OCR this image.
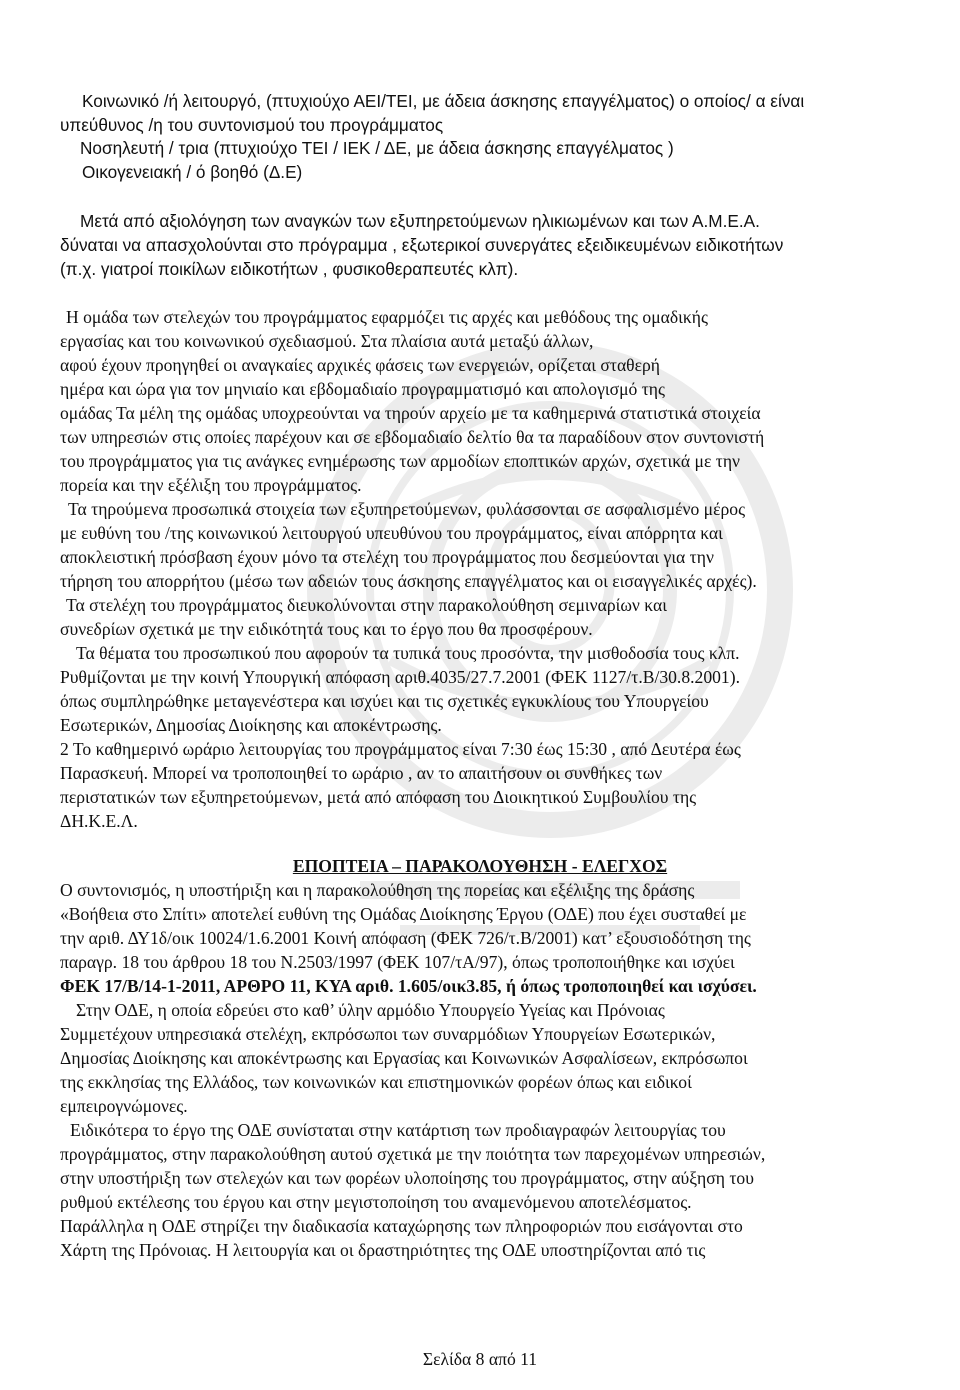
Κοινωνικό /ή λειτουργό, (πτυχιούχο ΑΕΙ/ΤΕΙ, με άδεια άσκησης επαγγέλματος) ο οποίος/ α είναι

υπεύθυνος /η του συντονισμού του προγράμματος

Νοσηλευτή / τρια (πτυχιούχο ΤΕΙ / ΙΕΚ / ΔΕ, με άδεια άσκησης επαγγέλματος )

Οικογενειακή / ό βοηθό (Δ.Ε)

Μετά από αξιολόγηση των αναγκών των εξυπηρετούμενων ηλικιωμένων και των Α.Μ.Ε.Α.

δύναται να απασχολούνται στο πρόγραμμα , εξωτερικοί συνεργάτες εξειδικευμένων ειδικοτήτων

(π.χ. γιατροί ποικίλων ειδικοτήτων , φυσικοθεραπευτές κλπ).

Η ομάδα των στελεχών του προγράμματος εφαρμόζει τις αρχές και μεθόδους της ομαδικής

εργασίας και του κοινωνικού σχεδιασμού. Στα πλαίσια αυτά μεταξύ άλλων,

αφού έχουν προηγηθεί οι αναγκαίες αρχικές φάσεις των ενεργειών, ορίζεται σταθερή

ημέρα και ώρα για τον μηνιαίο και εβδομαδιαίο προγραμματισμό και απολογισμό της

ομάδας Τα μέλη της ομάδας υποχρεούνται να τηρούν αρχείο με τα καθημερινά στατιστικά στοιχεία

των υπηρεσιών στις οποίες παρέχουν και σε εβδομαδιαίο δελτίο θα τα παραδίδουν στον συντονιστή

του προγράμματος για τις ανάγκες ενημέρωσης των αρμοδίων εποπτικών αρχών, σχετικά με την

πορεία και την εξέλιξη του προγράμματος.

Τα τηρούμενα προσωπικά στοιχεία των εξυπηρετούμενων, φυλάσσονται σε ασφαλισμένο μέρος

με ευθύνη του /της κοινωνικού λειτουργού υπευθύνου του προγράμματος, είναι απόρρητα και

αποκλειστική πρόσβαση έχουν μόνο τα στελέχη του προγράμματος που δεσμεύονται για την

τήρηση του απορρήτου (μέσω των αδειών τους άσκησης επαγγέλματος και οι εισαγγελικές αρχές).

Τα στελέχη του προγράμματος διευκολύνονται στην παρακολούθηση σεμιναρίων και

συνεδρίων σχετικά με την ειδικότητά τους και το έργο που θα προσφέρουν.

Τα θέματα του προσωπικού που αφορούν τα τυπικά τους προσόντα, την μισθοδοσία τους κλπ.

Ρυθμίζονται με την κοινή Υπουργική απόφαση αριθ.4035/27.7.2001 (ΦΕΚ 1127/τ.Β/30.8.2001).

όπως συμπληρώθηκε μεταγενέστερα και ισχύει και τις σχετικές εγκυκλίους του Υπουργείου

Εσωτερικών, Δημοσίας Διοίκησης και αποκέντρωσης.

2 Το καθημερινό ωράριο λειτουργίας του προγράμματος είναι 7:30 έως 15:30 , από Δευτέρα έως

Παρασκευή. Μπορεί να τροποποιηθεί το ωράριο , αν το απαιτήσουν οι συνθήκες των

περιστατικών των εξυπηρετούμενων, μετά από απόφαση του Διοικητικού Συμβουλίου της

ΔΗ.Κ.Ε.Λ.

ΕΠΟΠΤΕΙΑ – ΠΑΡΑΚΟΛΟΥΘΗΣΗ - ΕΛΕΓΧΟΣ

Ο συντονισμός, η υποστήριξη και η παρακολούθηση της πορείας και εξέλιξης της δράσης

«Βοήθεια στο Σπίτι» αποτελεί ευθύνη της Ομάδας Διοίκησης Έργου (ΟΔΕ) που έχει συσταθεί με

την αριθ. ΔΥ1δ/οικ 10024/1.6.2001 Κοινή απόφαση (ΦΕΚ 726/τ.Β/2001) κατ’ εξουσιοδότηση της

παραγρ. 18 του άρθρου 18 του Ν.2503/1997 (ΦΕΚ 107/τΑ/97), όπως τροποποιήθηκε και ισχύει

ΦΕΚ 17/Β/14-1-2011, ΑΡΘΡΟ 11, ΚΥΑ αριθ. 1.605/οικ3.85, ή όπως τροποποιηθεί και ισχύσει.

Στην ΟΔΕ, η οποία εδρεύει στο καθ’ ύλην αρμόδιο Υπουργείο Υγείας και Πρόνοιας

Συμμετέχουν υπηρεσιακά στελέχη, εκπρόσωποι των συναρμόδιων Υπουργείων Εσωτερικών,

Δημοσίας Διοίκησης και αποκέντρωσης και Εργασίας και Κοινωνικών Ασφαλίσεων, εκπρόσωποι

της εκκλησίας της Ελλάδος, των κοινωνικών και επιστημονικών φορέων όπως και ειδικοί

εμπειρογνώμονες.

Ειδικότερα το έργο της ΟΔΕ συνίσταται στην κατάρτιση των προδιαγραφών λειτουργίας του

προγράμματος, στην παρακολούθηση αυτού σχετικά με την ποιότητα των παρεχομένων υπηρεσιών,

στην υποστήριξη των στελεχών και των φορέων υλοποίησης του προγράμματος, στην αύξηση του

ρυθμού εκτέλεσης του έργου και στην μεγιστοποίηση του αναμενόμενου αποτελέσματος.

Παράλληλα η ΟΔΕ στηρίζει την διαδικασία καταχώρησης των πληροφοριών που εισάγονται στο

Χάρτη της Πρόνοιας. Η λειτουργία και οι δραστηριότητες της ΟΔΕ υποστηρίζονται από τις

Σελίδα 8 από 11
